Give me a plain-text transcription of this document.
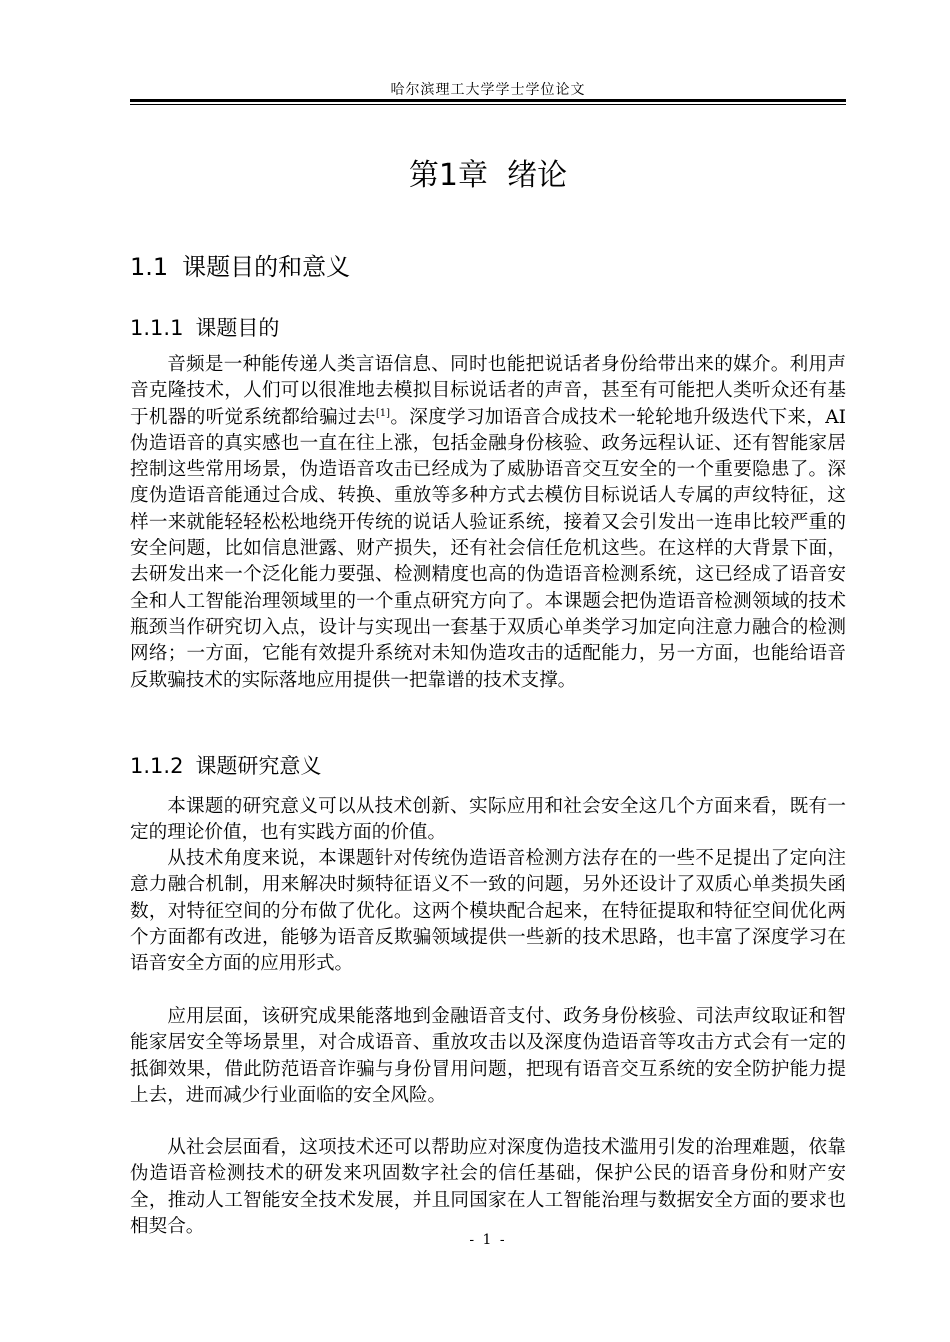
哈尔滨理工大学学士学位论文
第1章  绪论
1.1 课题目的和意义
1.1.1 课题目的

音频是一种能传递人类言语信息、同时也能把说话者身份给带出来的媒介。利用声音克隆技术，人们可以很准地去模拟目标说话者的声音，甚至有可能把人类听众还有基于机器的听觉系统都给骗过去[1]。深度学习加语音合成技术一轮轮地升级迭代下来，AI伪造语音的真实感也一直在往上涨，包括金融身份核验、政务远程认证、还有智能家居控制这些常用场景，伪造语音攻击已经成为了威胁语音交互安全的一个重要隐患了。深度伪造语音能通过合成、转换、重放等多种方式去模仿目标说话人专属的声纹特征，这样一来就能轻轻松松地绕开传统的说话人验证系统，接着又会引发出一连串比较严重的安全问题，比如信息泄露、财产损失，还有社会信任危机这些。在这样的大背景下面，去研发出来一个泛化能力要强、检测精度也高的伪造语音检测系统，这已经成了语音安全和人工智能治理领域里的一个重点研究方向了。本课题会把伪造语音检测领域的技术瓶颈当作研究切入点，设计与实现出一套基于双质心单类学习加定向注意力融合的检测网络；一方面，它能有效提升系统对未知伪造攻击的适配能力，另一方面，也能给语音反欺骗技术的实际落地应用提供一把靠谱的技术支撑。

1.1.2 课题研究意义

本课题的研究意义可以从技术创新、实际应用和社会安全这几个方面来看，既有一定的理论价值，也有实践方面的价值。

从技术角度来说，本课题针对传统伪造语音检测方法存在的一些不足提出了定向注意力融合机制，用来解决时频特征语义不一致的问题，另外还设计了双质心单类损失函数，对特征空间的分布做了优化。这两个模块配合起来，在特征提取和特征空间优化两个方面都有改进，能够为语音反欺骗领域提供一些新的技术思路，也丰富了深度学习在语音安全方面的应用形式。

应用层面，该研究成果能落地到金融语音支付、政务身份核验、司法声纹取证和智能家居安全等场景里，对合成语音、重放攻击以及深度伪造语音等攻击方式会有一定的抵御效果，借此防范语音诈骗与身份冒用问题，把现有语音交互系统的安全防护能力提上去，进而减少行业面临的安全风险。

从社会层面看，这项技术还可以帮助应对深度伪造技术滥用引发的治理难题，依靠伪造语音检测技术的研发来巩固数字社会的信任基础，保护公民的语音身份和财产安全，推动人工智能安全技术发展，并且同国家在人工智能治理与数据安全方面的要求也相契合。

- 1 -
